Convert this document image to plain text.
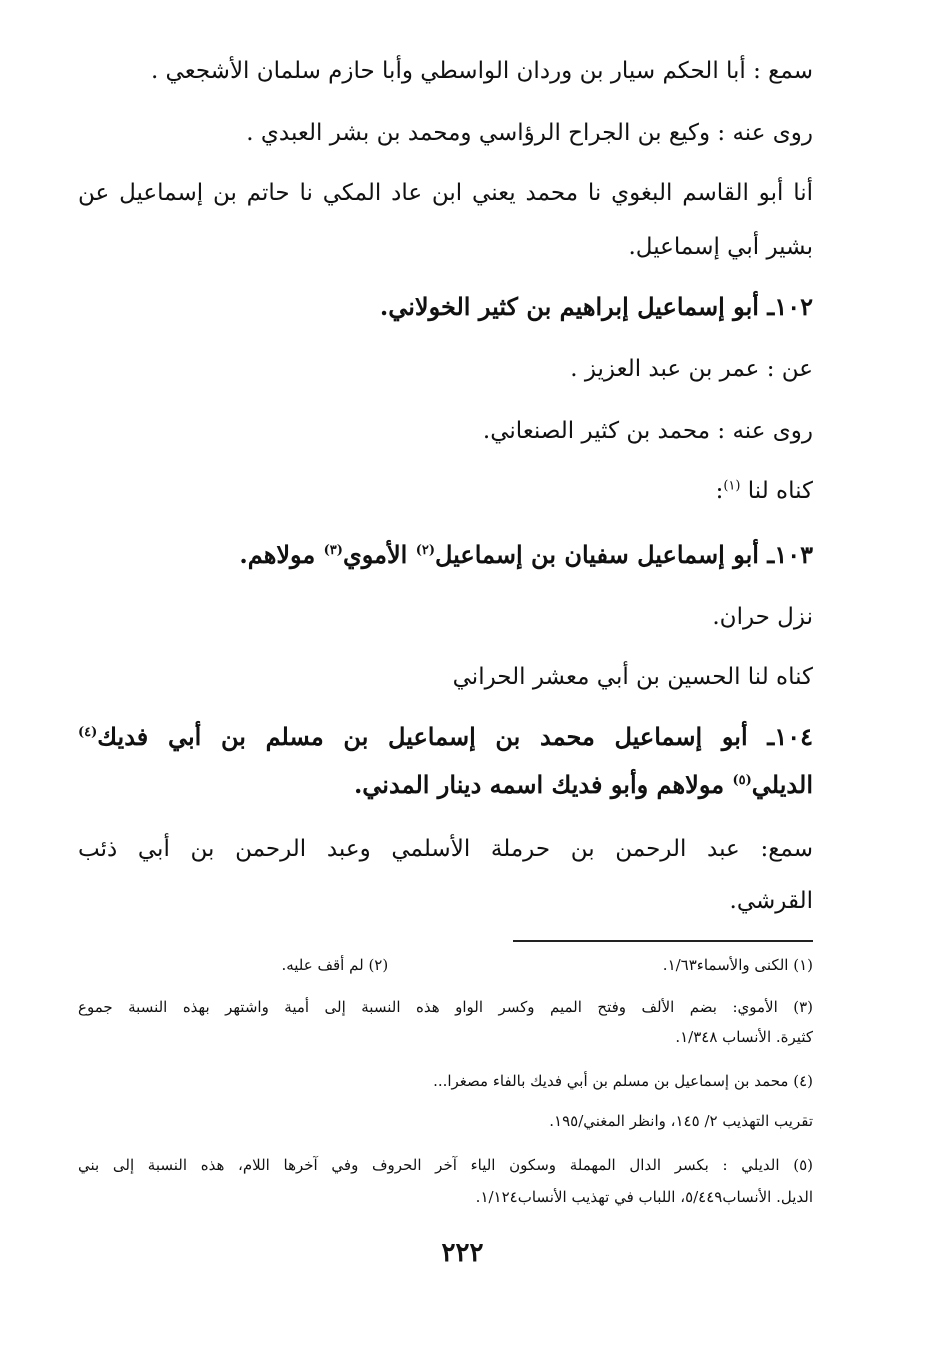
سمع : أبا الحكم سيار بن وردان الواسطي وأبا حازم سلمان الأشجعي .
روى عنه : وكيع بن الجراح الرؤاسي ومحمد بن بشر العبدي .
أنا أبو القاسم البغوي نا محمد يعني ابن عاد المكي نا حاتم بن إسماعيل عن
بشير أبي إسماعيل.
١٠٢ـ أبو إسماعيل إبراهيم بن كثير الخولاني.
عن : عمر بن عبد العزيز .
روى عنه : محمد بن كثير الصنعاني.
كناه لنا $^{(١)}$:
١٠٣ـ أبو إسماعيل سفيان بن إسماعيل$^{(٢)}$ الأموي$^{(٣)}$ مولاهم.
نزل حران.
كناه لنا الحسين بن أبي معشر الحراني
١٠٤ـ أبو إسماعيل محمد بن إسماعيل بن مسلم بن أبي فديك$^{(٤)}$
الديلي$^{(٥)}$ مولاهم وأبو فديك اسمه دينار المدني.
سمع: عبد الرحمن بن حرملة الأسلمي وعبد الرحمن بن أبي ذئب
القرشي.
(١) الكنى والأسماء١/٦٣. (٢) لم أقف عليه.
(٣) الأموي: بضم الألف وفتح الميم وكسر الواو هذه النسبة إلى أمية واشتهر بهذه النسبة جموع
كثيرة. الأنساب ١/٣٤٨.
(٤) محمد بن إسماعيل بن مسلم بن أبي فديك بالفاء مصغرا...
تقريب التهذيب ٢/ ١٤٥، وانظر المغني/١٩٥.
(٥) الديلي : بكسر الدال المهملة وسكون الياء آخر الحروف وفي آخرها اللام، هذه النسبة إلى بني
الديل. الأنساب٥/٤٤٩، اللباب في تهذيب الأنساب١/١٢٤.
٢٢٢
